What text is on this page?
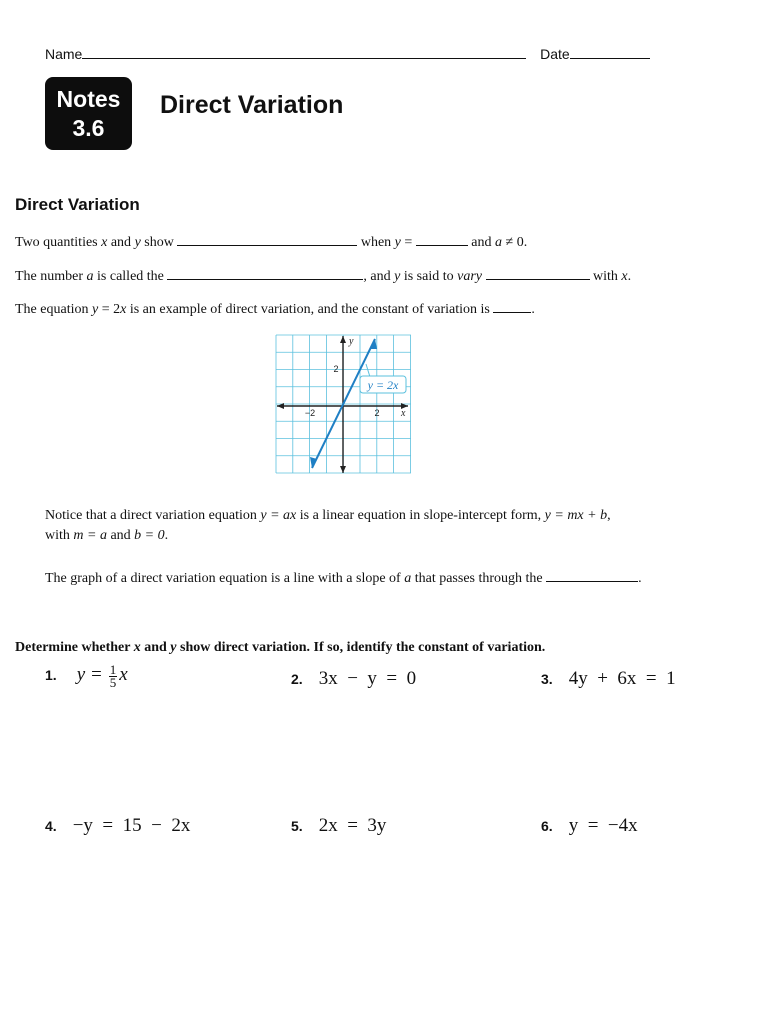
Name	Date
Notes
3.6
Direct Variation
Direct Variation
Two quantities x and y show	when y =	and a ≠ 0.
The number a is called the	, and y is said to vary	with x.
The equation y = 2x is an example of direct variation, and the constant of variation is	.
y = 2x
y
x
−2	2
2
Notice that a direct variation equation y = ax is a linear equation in slope-intercept form, y = mx + b,
with m = a and b = 0.
The graph of a direct variation equation is a line with a slope of a that passes through the	.
Determine whether x and y show direct variation. If so, identify the constant of variation.
1. $y = \frac{1}{5}$ x	2. 3x  −  y  =  0	3. 4y  +  6x  =  1
4. −y  =  15  −  2x	5. 2x  =  3y	6. y  =  −4x
